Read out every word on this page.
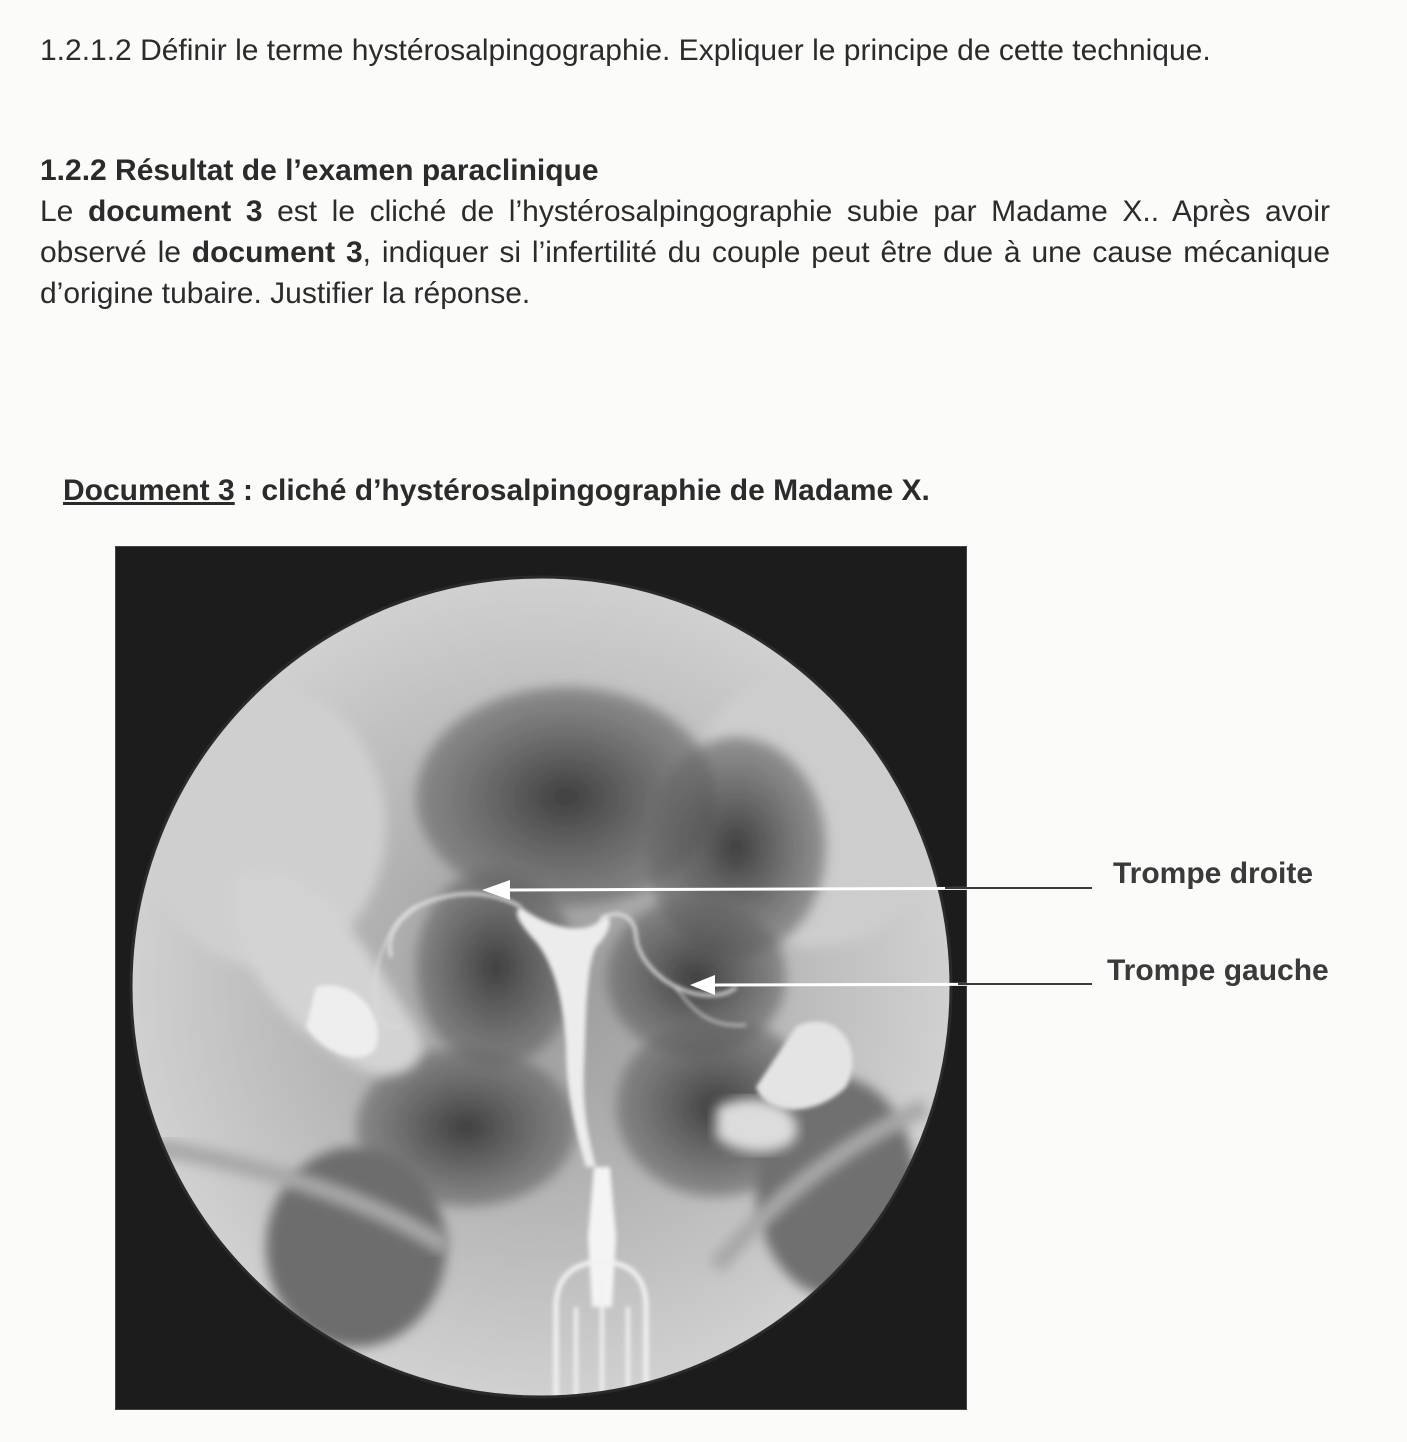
1.2.1.2 Définir le terme hystérosalpingographie. Expliquer le principe de cette technique.

1.2.2 Résultat de l’examen paraclinique

Le document 3 est le cliché de l’hystérosalpingographie subie par Madame X.. Après avoir observé le document 3, indiquer si l’infertilité du couple peut être due à une cause mécanique d’origine tubaire. Justifier la réponse.

Document 3 : cliché d’hystérosalpingographie de Madame X.

Trompe droite
Trompe gauche
